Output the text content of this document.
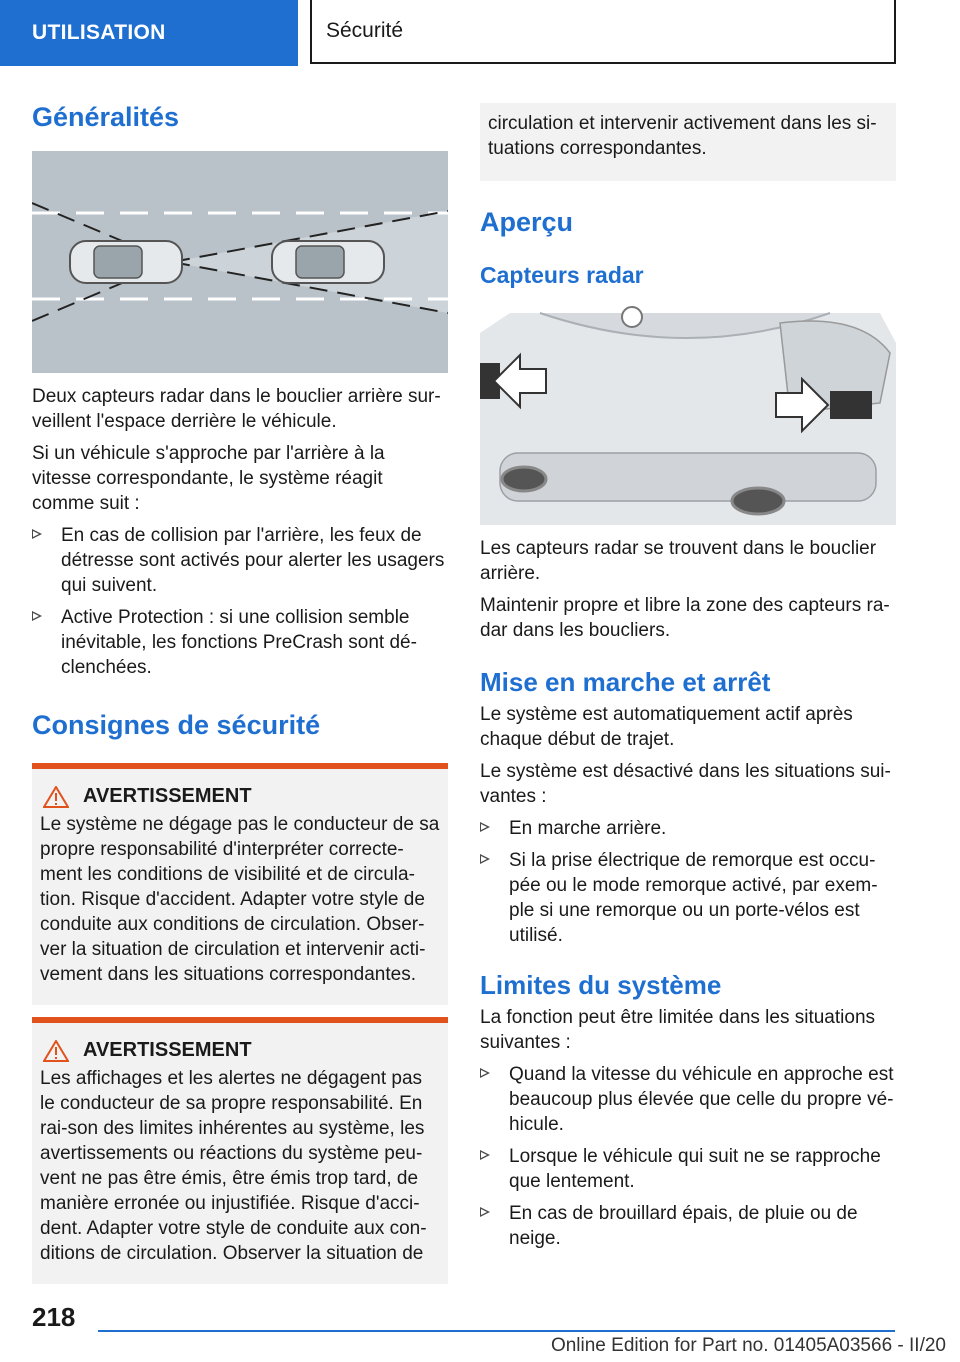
UTILISATION	Sécurité
Généralités

Deux capteurs radar dans le bouclier arrière sur-veillent l'espace derrière le véhicule.

Si un véhicule s'approche par l'arrière à la vitesse correspondante, le système réagit comme suit :

En cas de collision par l'arrière, les feux de détresse sont activés pour alerter les usagers qui suivent.
Active Protection : si une collision semble inévitable, les fonctions PreCrash sont dé-clenchées.
Consignes de sécurité
AVERTISSEMENT

Le système ne dégage pas le conducteur de sa propre responsabilité d'interpréter correcte-ment les conditions de visibilité et de circula-tion. Risque d'accident. Adapter votre style de conduite aux conditions de circulation. Obser-ver la situation de circulation et intervenir acti-vement dans les situations correspondantes.

AVERTISSEMENT

Les affichages et les alertes ne dégagent pas le conducteur de sa propre responsabilité. En rai-son des limites inhérentes au système, les avertissements ou réactions du système peu-vent ne pas être émis, être émis trop tard, de manière erronée ou injustifiée. Risque d'acci-dent. Adapter votre style de conduite aux con-ditions de circulation. Observer la situation de

circulation et intervenir activement dans les si-tuations correspondantes.

Aperçu
Capteurs radar

Les capteurs radar se trouvent dans le bouclier arrière.

Maintenir propre et libre la zone des capteurs ra-dar dans les boucliers.

Mise en marche et arrêt

Le système est automatiquement actif après chaque début de trajet.

Le système est désactivé dans les situations sui-vantes :

En marche arrière.
Si la prise électrique de remorque est occu-pée ou le mode remorque activé, par exem-ple si une remorque ou un porte-vélos est utilisé.
Limites du système

La fonction peut être limitée dans les situations suivantes :

Quand la vitesse du véhicule en approche est beaucoup plus élevée que celle du propre vé-hicule.
Lorsque le véhicule qui suit ne se rapproche que lentement.
En cas de brouillard épais, de pluie ou de neige.
218
Online Edition for Part no. 01405A03566 - II/20
